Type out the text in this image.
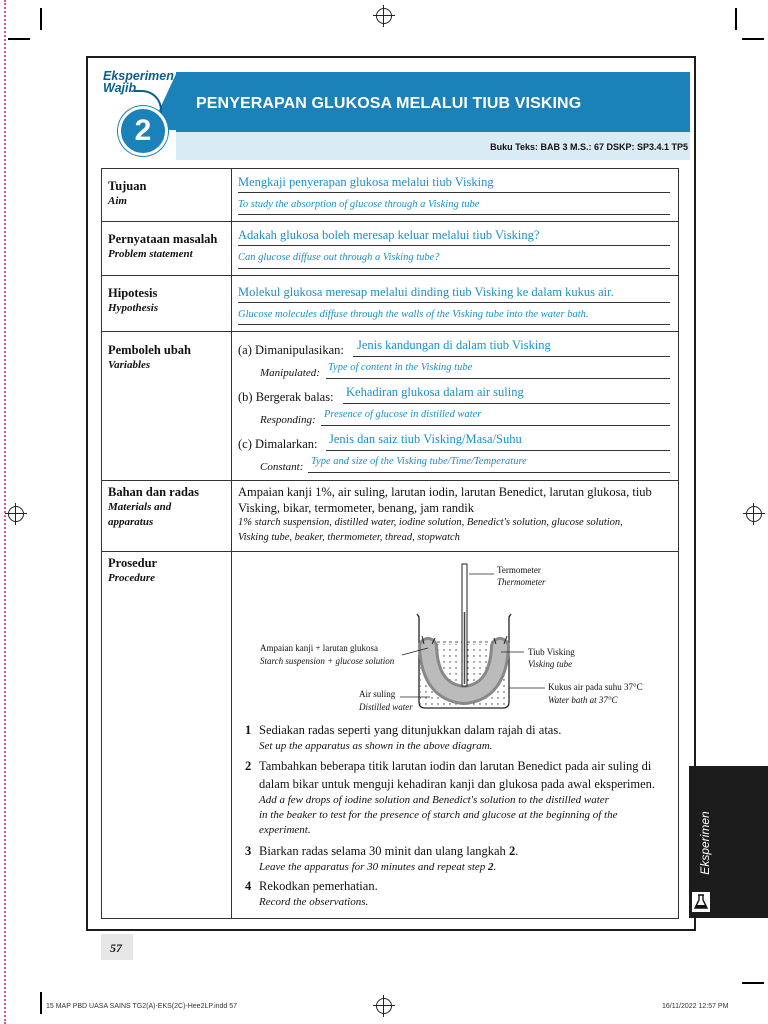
PENYERAPAN GLUKOSA MELALUI TIUB VISKING
Buku Teks: BAB 3 M.S.: 67 DSKP: SP3.4.1 TP5
Eksperimen
Wajib
2
Tujuan
Aim
Mengkaji penyerapan glukosa melalui tiub Visking
To study the absorption of glucose through a Visking tube
Pernyataan masalah
Problem statement
Adakah glukosa boleh meresap keluar melalui tiub Visking?
Can glucose diffuse out through a Visking tube?
Hipotesis
Hypothesis
Molekul glukosa meresap melalui dinding tiub Visking ke dalam kukus air.
Glucose molecules diffuse through the walls of the Visking tube into the water bath.
Pemboleh ubah
Variables
(a) Dimanipulasikan: Jenis kandungan di dalam tiub Visking
Manipulated: Type of content in the Visking tube
(b) Bergerak balas: Kehadiran glukosa dalam air suling
Responding: Presence of glucose in distilled water
(c) Dimalarkan: Jenis dan saiz tiub Visking/Masa/Suhu
Constant: Type and size of the Visking tube/Time/Temperature
Bahan dan radas
Materials and
apparatus
Ampaian kanji 1%, air suling, larutan iodin, larutan Benedict, larutan glukosa, tiub
Visking, bikar, termometer, benang, jam randik
1% starch suspension, distilled water, iodine solution, Benedict's solution, glucose solution,
Visking tube, beaker, thermometer, thread, stopwatch
Prosedur
Procedure
Termometer
Thermometer
Ampaian kanji + larutan glukosa
Starch suspension + glucose solution
Tiub Visking
Visking tube
Air suling
Distilled water
Kukus air pada suhu 37°C
Water bath at 37°C
1 Sediakan radas seperti yang ditunjukkan dalam rajah di atas.
Set up the apparatus as shown in the above diagram.
2 Tambahkan beberapa titik larutan iodin dan larutan Benedict pada air suling di
dalam bikar untuk menguji kehadiran kanji dan glukosa pada awal eksperimen.
Add a few drops of iodine solution and Benedict's solution to the distilled water
in the beaker to test for the presence of starch and glucose at the beginning of the
experiment.
3 Biarkan radas selama 30 minit dan ulang langkah 2.
Leave the apparatus for 30 minutes and repeat step 2.
4 Rekodkan pemerhatian.
Record the observations.
Eksperimen
57
15 MAP PBD UASA SAINS TG2(A)-EKS(2C)-Hee2LP.indd 57	16/11/2022 12:57 PM
